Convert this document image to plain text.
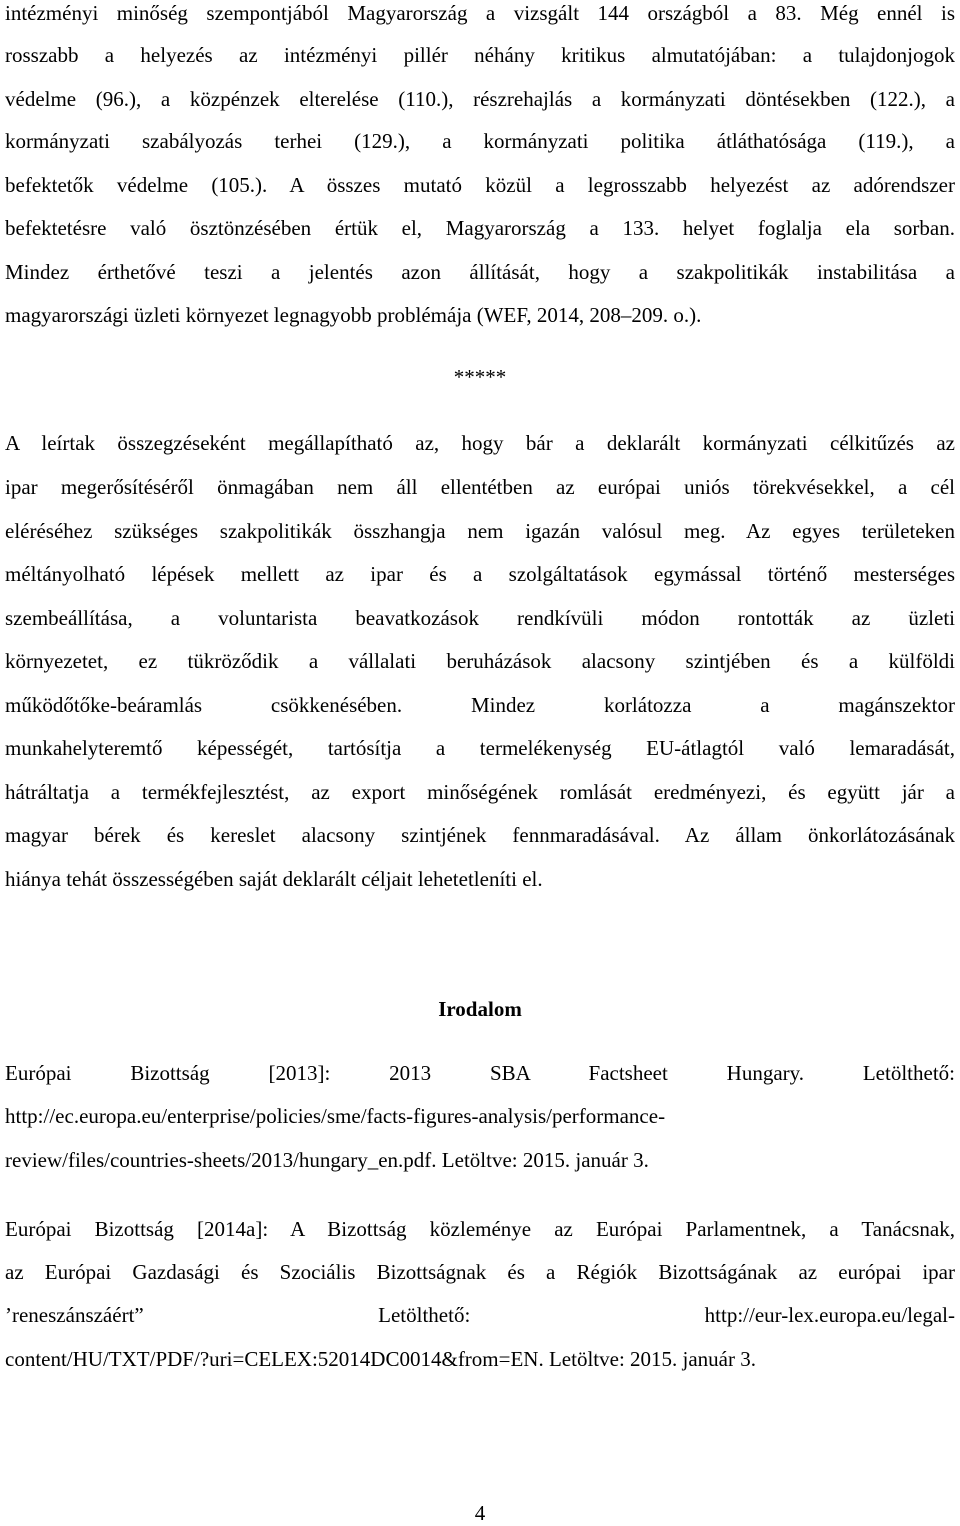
intézményi minőség szempontjából Magyarország a vizsgált 144 országból a 83. Még ennél is
rosszabb a helyezés az intézményi pillér néhány kritikus almutatójában: a tulajdonjogok
védelme (96.), a közpénzek elterelése (110.), részrehajlás a kormányzati döntésekben (122.), a
kormányzati szabályozás terhei (129.), a kormányzati politika átláthatósága (119.), a
befektetők védelme (105.). A összes mutató közül a legrosszabb helyezést az adórendszer
befektetésre való ösztönzésében értük el, Magyarország a 133. helyet foglalja ela sorban.
Mindez érthetővé teszi a jelentés azon állítását, hogy a szakpolitikák instabilitása a
magyarországi üzleti környezet legnagyobb problémája (WEF, 2014, 208–209. o.).
*****
A leírtak összegzéseként megállapítható az, hogy bár a deklarált kormányzati célkitűzés az
ipar megerősítéséről önmagában nem áll ellentétben az európai uniós törekvésekkel, a cél
eléréséhez szükséges szakpolitikák összhangja nem igazán valósul meg. Az egyes területeken
méltányolható lépések mellett az ipar és a szolgáltatások egymással történő mesterséges
szembeállítása, a voluntarista beavatkozások rendkívüli módon rontották az üzleti
környezetet, ez tükröződik a vállalati beruházások alacsony szintjében és a külföldi
működőtőke-beáramlás csökkenésében. Mindez korlátozza a magánszektor
munkahelyteremtő képességét, tartósítja a termelékenység EU-átlagtól való lemaradását,
hátráltatja a termékfejlesztést, az export minőségének romlását eredményezi, és együtt jár a
magyar bérek és kereslet alacsony szintjének fennmaradásával. Az állam önkorlátozásának
hiánya tehát összességében saját deklarált céljait lehetetleníti el.
Irodalom
Európai Bizottság [2013]: 2013 SBA Factsheet Hungary. Letölthető:
http://ec.europa.eu/enterprise/policies/sme/facts-figures-analysis/performance-
review/files/countries-sheets/2013/hungary_en.pdf. Letöltve: 2015. január 3.
Európai Bizottság [2014a]: A Bizottság közleménye az Európai Parlamentnek, a Tanácsnak,
az Európai Gazdasági és Szociális Bizottságnak és a Régiók Bizottságának az európai ipar
’reneszánszáért” Letölthető: http://eur-lex.europa.eu/legal-
content/HU/TXT/PDF/?uri=CELEX:52014DC0014&from=EN. Letöltve: 2015. január 3.
4
